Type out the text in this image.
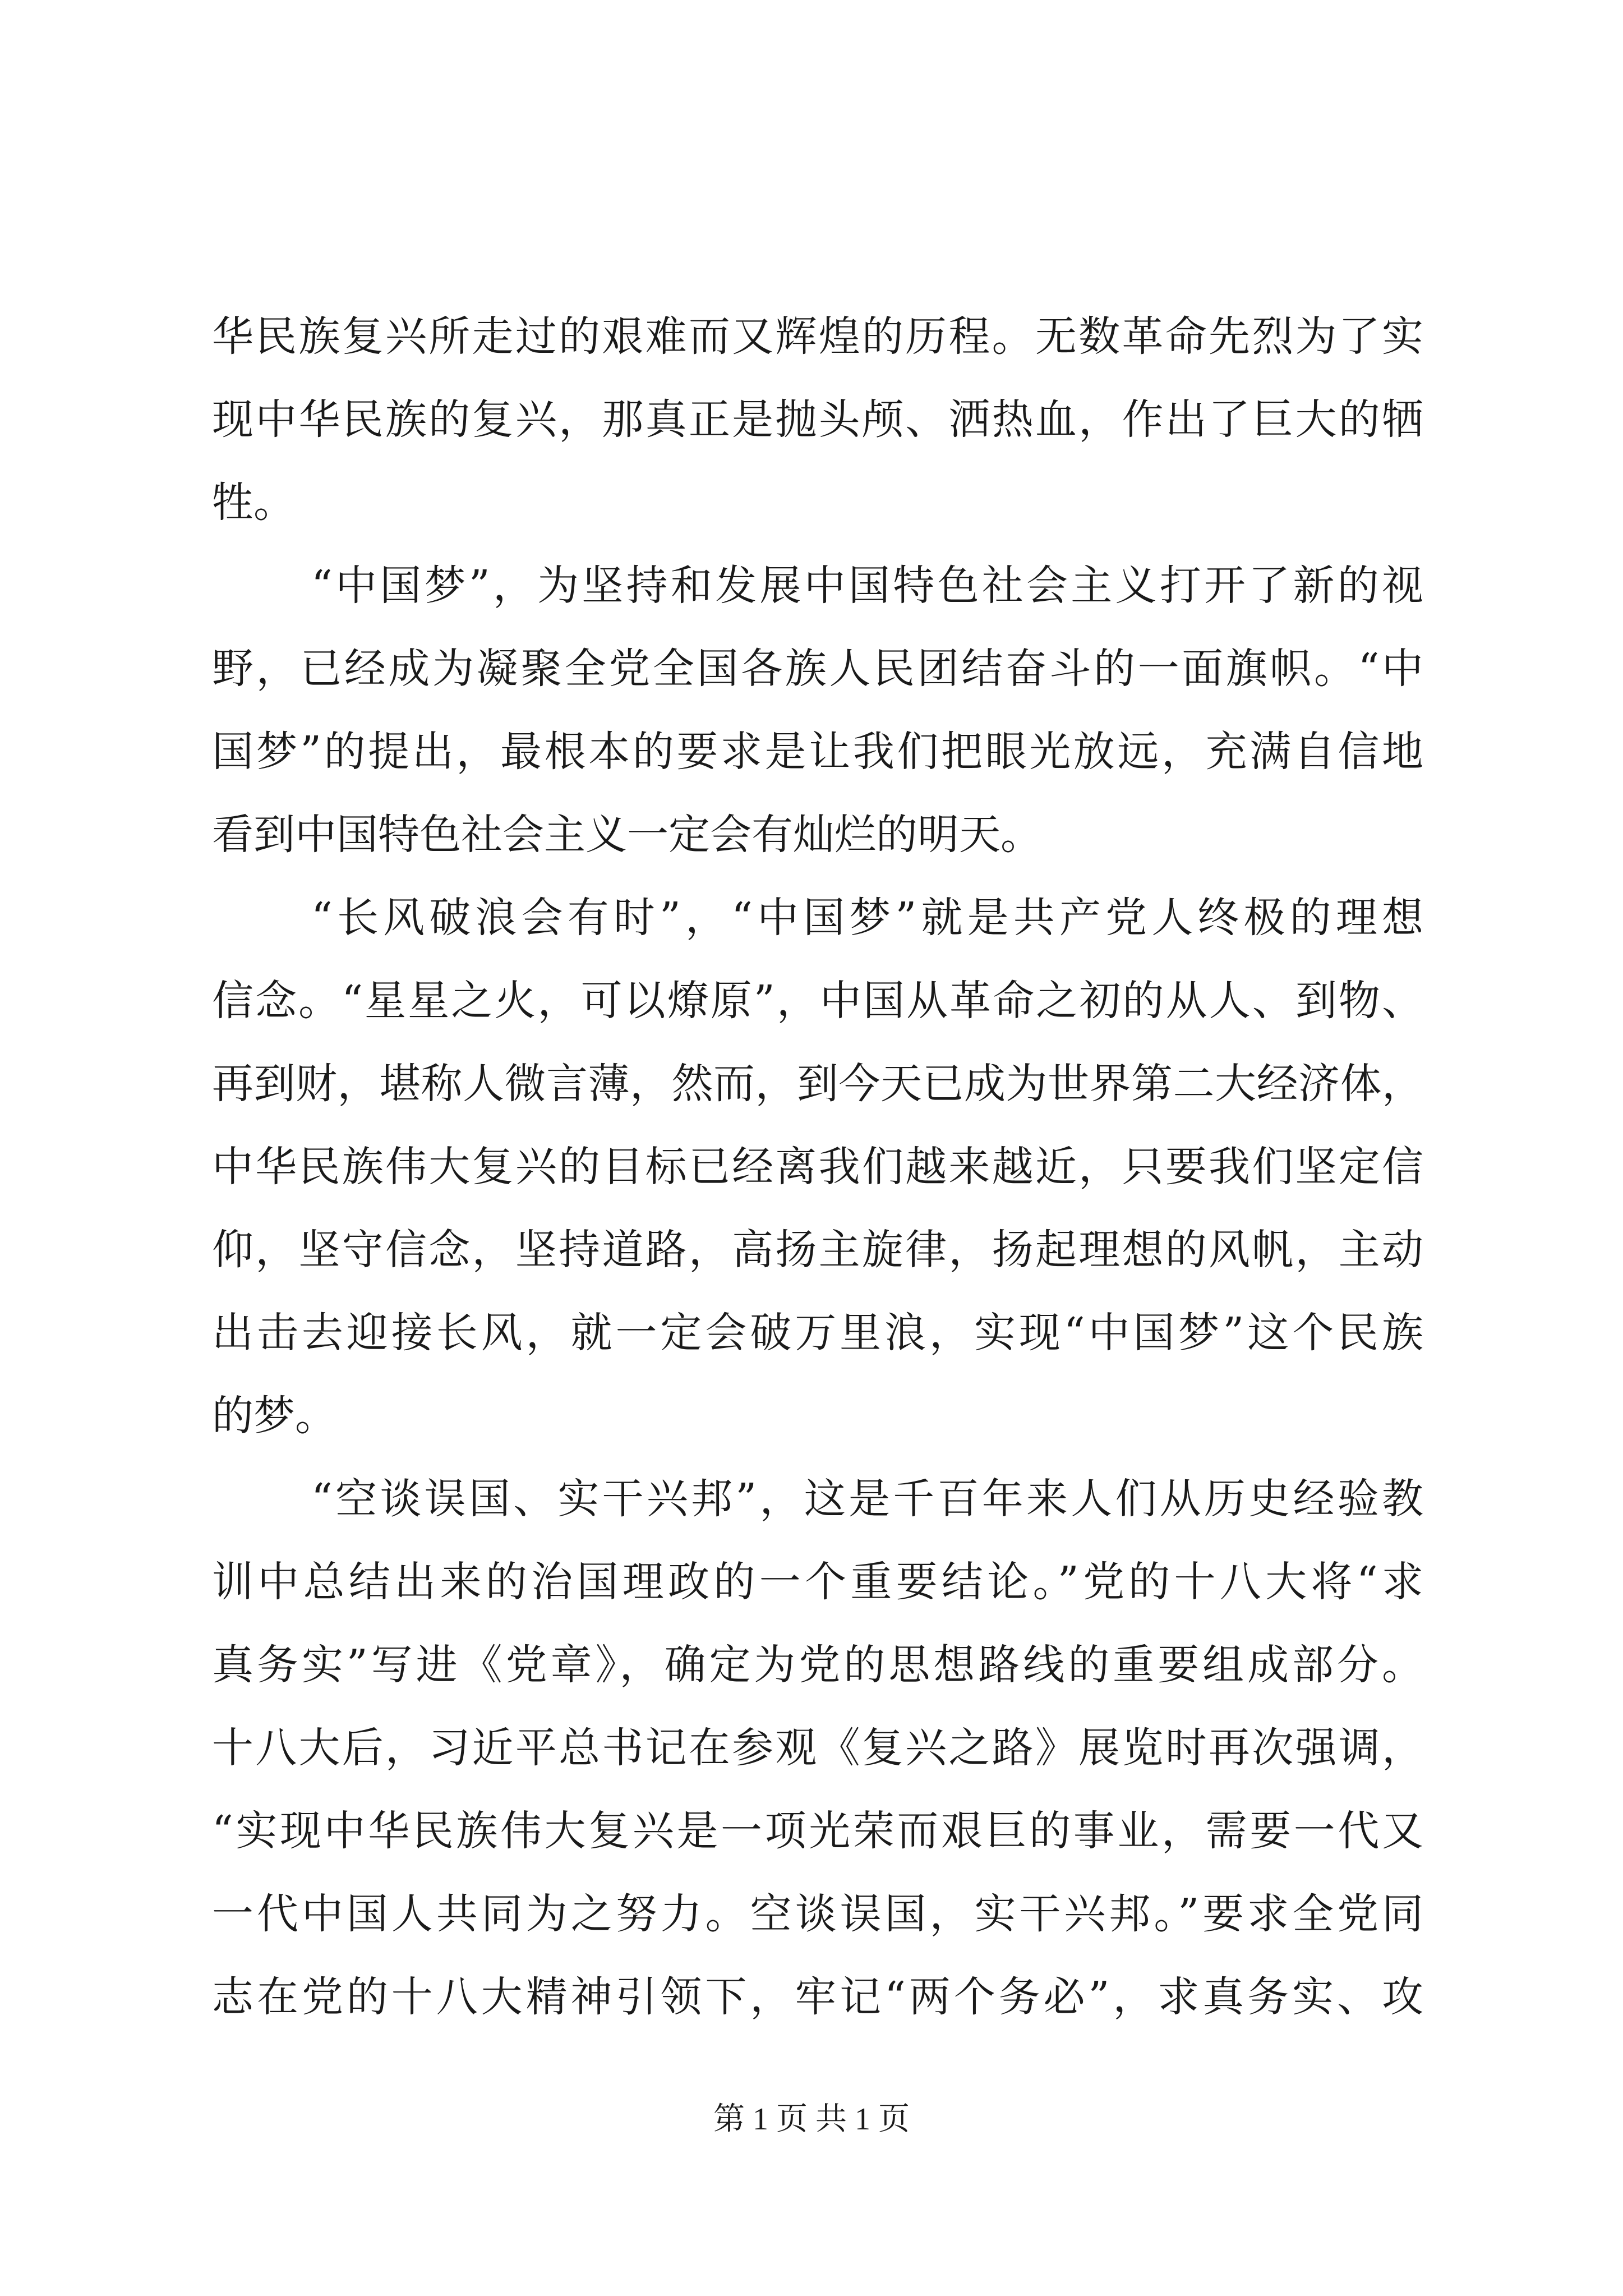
华民族复兴所走过的艰难而又辉煌的历程。无数革命先烈为了实
现中华民族的复兴，那真正是抛头颅、洒热血，作出了巨大的牺
牲。
“中国梦”，为坚持和发展中国特色社会主义打开了新的视
野，已经成为凝聚全党全国各族人民团结奋斗的一面旗帜。“中
国梦”的提出，最根本的要求是让我们把眼光放远，充满自信地
看到中国特色社会主义一定会有灿烂的明天。
“长风破浪会有时”，“中国梦”就是共产党人终极的理想
信念。“星星之火，可以燎原”，中国从革命之初的从人、到物、
再到财，堪称人微言薄，然而，到今天已成为世界第二大经济体，
中华民族伟大复兴的目标已经离我们越来越近，只要我们坚定信
仰，坚守信念，坚持道路，高扬主旋律，扬起理想的风帆，主动
出击去迎接长风，就一定会破万里浪，实现“中国梦”这个民族
的梦。
“空谈误国、实干兴邦”，这是千百年来人们从历史经验教
训中总结出来的治国理政的一个重要结论。”党的十八大将“求
真务实”写进《党章》，确定为党的思想路线的重要组成部分。
十八大后，习近平总书记在参观《复兴之路》展览时再次强调，
“实现中华民族伟大复兴是一项光荣而艰巨的事业，需要一代又
一代中国人共同为之努力。空谈误国，实干兴邦。”要求全党同
志在党的十八大精神引领下，牢记“两个务必”，求真务实、攻
第 1 页 共 1 页
